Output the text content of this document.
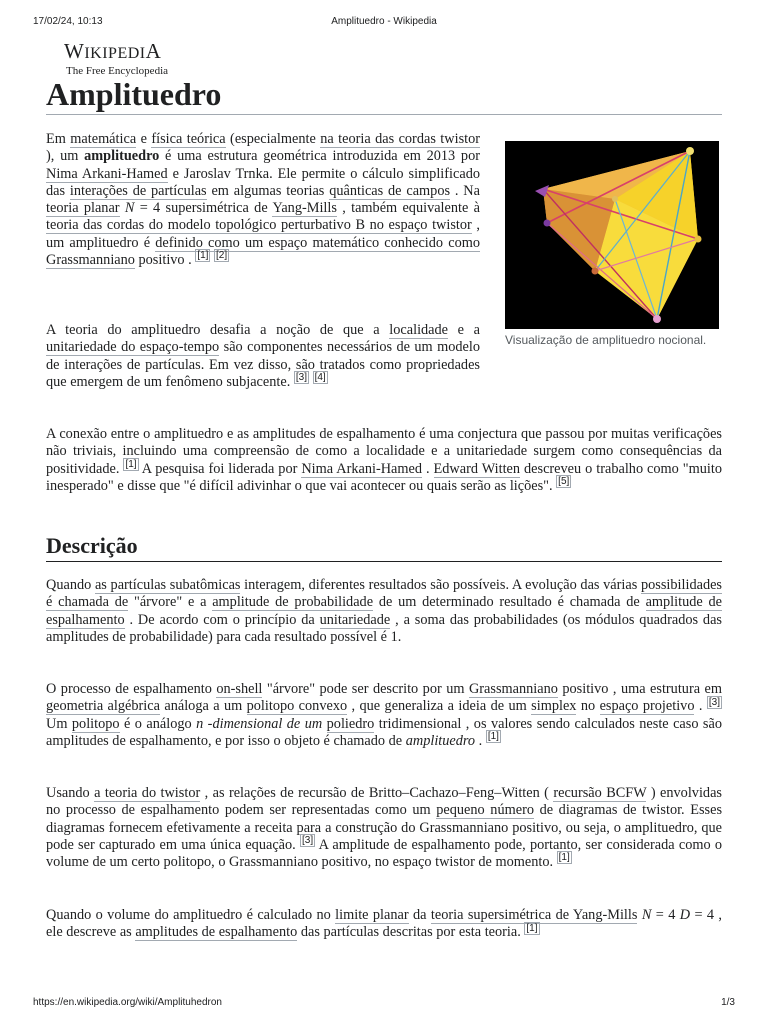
17/02/24, 10:13	Amplituedro - Wikipedia
WIKIPEDIA
The Free Encyclopedia
Amplituedro

Em matemática e física teórica (especialmente na teoria das cordas twistor ), um amplituedro é uma estrutura geométrica introduzida em 2013 por Nima Arkani-Hamed e Jaroslav Trnka. Ele permite o cálculo simplificado das interações de partículas em algumas teorias quânticas de campos . Na teoria planar N = 4 supersimétrica de Yang-Mills , também equivalente à teoria das cordas do modelo topológico perturbativo B no espaço twistor , um amplituedro é definido como um espaço matemático conhecido como Grassmanniano positivo . [1] [2]

A teoria do amplituedro desafia a noção de que a localidade e a unitariedade do espaço-tempo são componentes necessários de um modelo de interações de partículas. Em vez disso, são tratados como propriedades que emergem de um fenômeno subjacente. [3] [4]

A conexão entre o amplituedro e as amplitudes de espalhamento é uma conjectura que passou por muitas verificações não triviais, incluindo uma compreensão de como a localidade e a unitariedade surgem como consequências da positividade. [1] A pesquisa foi liderada por Nima Arkani-Hamed . Edward Witten descreveu o trabalho como "muito inesperado" e disse que "é difícil adivinhar o que vai acontecer ou quais serão as lições". [5]

Visualização de amplituedro nocional.
Descrição

Quando as partículas subatômicas interagem, diferentes resultados são possíveis. A evolução das várias possibilidades é chamada de "árvore" e a amplitude de probabilidade de um determinado resultado é chamada de amplitude de espalhamento . De acordo com o princípio da unitariedade , a soma das probabilidades (os módulos quadrados das amplitudes de probabilidade) para cada resultado possível é 1.

O processo de espalhamento on-shell "árvore" pode ser descrito por um Grassmanniano positivo , uma estrutura em geometria algébrica análoga a um politopo convexo , que generaliza a ideia de um simplex no espaço projetivo . [3] Um politopo é o análogo n -dimensional de um poliedro tridimensional , os valores sendo calculados neste caso são amplitudes de espalhamento, e por isso o objeto é chamado de amplituedro . [1]

Usando a teoria do twistor , as relações de recursão de Britto–Cachazo–Feng–Witten ( recursão BCFW ) envolvidas no processo de espalhamento podem ser representadas como um pequeno número de diagramas de twistor. Esses diagramas fornecem efetivamente a receita para a construção do Grassmanniano positivo, ou seja, o amplituedro, que pode ser capturado em uma única equação. [3] A amplitude de espalhamento pode, portanto, ser considerada como o volume de um certo politopo, o Grassmanniano positivo, no espaço twistor de momento. [1]

Quando o volume do amplituedro é calculado no limite planar da teoria supersimétrica de Yang-Mills N = 4 D = 4 , ele descreve as amplitudes de espalhamento das partículas descritas por esta teoria. [1]

https://en.wikipedia.org/wiki/Amplituhedron	1/3
